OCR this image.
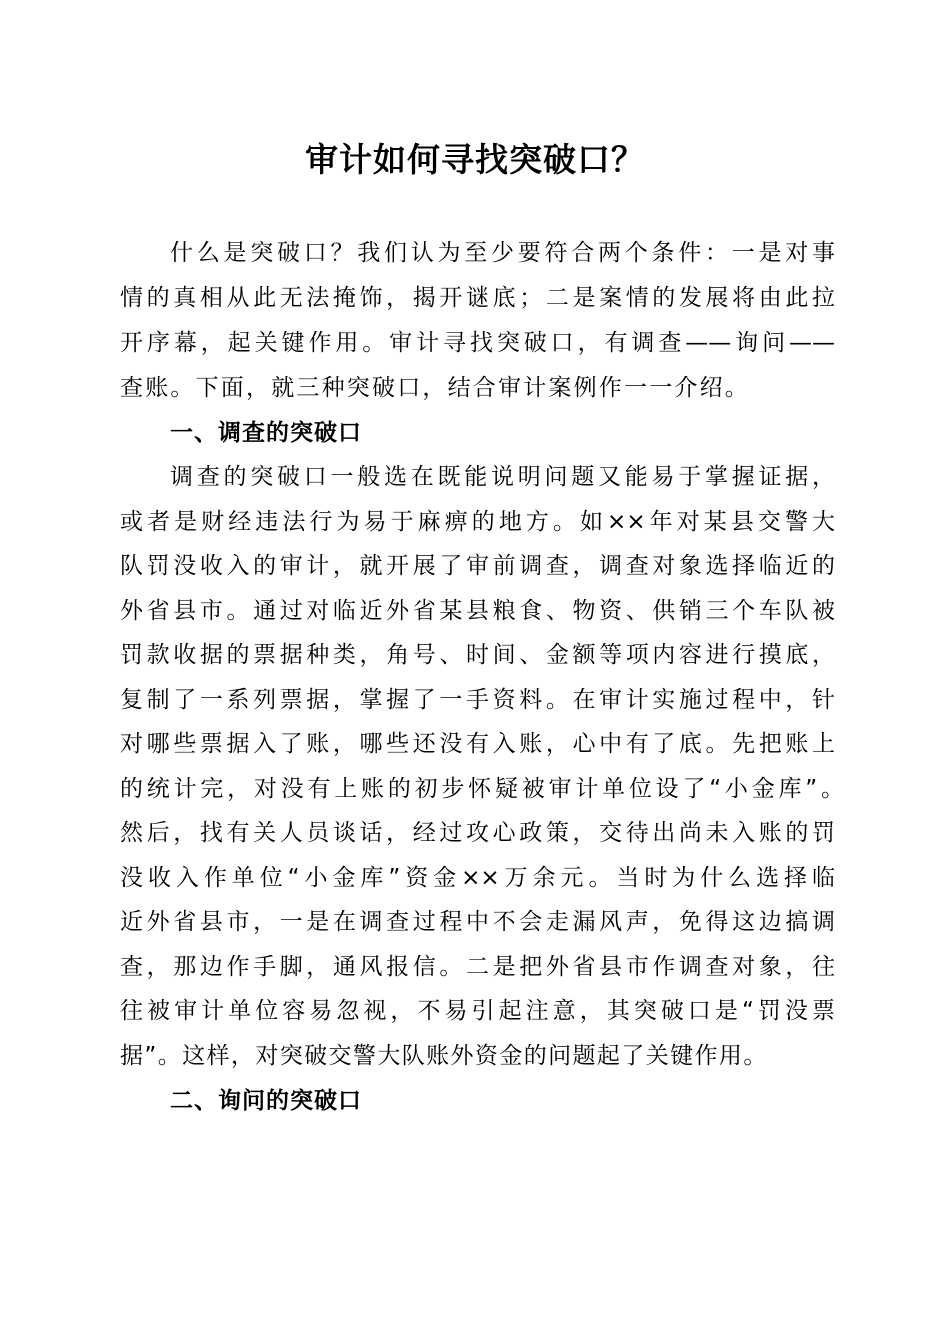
审计如何寻找突破口？

什么是突破口？我们认为至少要符合两个条件：一是对事

情的真相从此无法掩饰，揭开谜底；二是案情的发展将由此拉

开序幕，起关键作用。审计寻找突破口，有调查——询问——

查账。下面，就三种突破口，结合审计案例作一一介绍。

一、调查的突破口

调查的突破口一般选在既能说明问题又能易于掌握证据，

或者是财经违法行为易于麻痹的地方。如××年对某县交警大

队罚没收入的审计，就开展了审前调查，调查对象选择临近的

外省县市。通过对临近外省某县粮食、物资、供销三个车队被

罚款收据的票据种类，角号、时间、金额等项内容进行摸底，

复制了一系列票据，掌握了一手资料。在审计实施过程中，针

对哪些票据入了账，哪些还没有入账，心中有了底。先把账上

的统计完，对没有上账的初步怀疑被审计单位设了“小金库”。

然后，找有关人员谈话，经过攻心政策，交待出尚未入账的罚

没收入作单位“小金库”资金××万余元。当时为什么选择临

近外省县市，一是在调查过程中不会走漏风声，免得这边搞调

查，那边作手脚，通风报信。二是把外省县市作调查对象，往

往被审计单位容易忽视，不易引起注意，其突破口是“罚没票

据”。这样，对突破交警大队账外资金的问题起了关键作用。

二、询问的突破口
